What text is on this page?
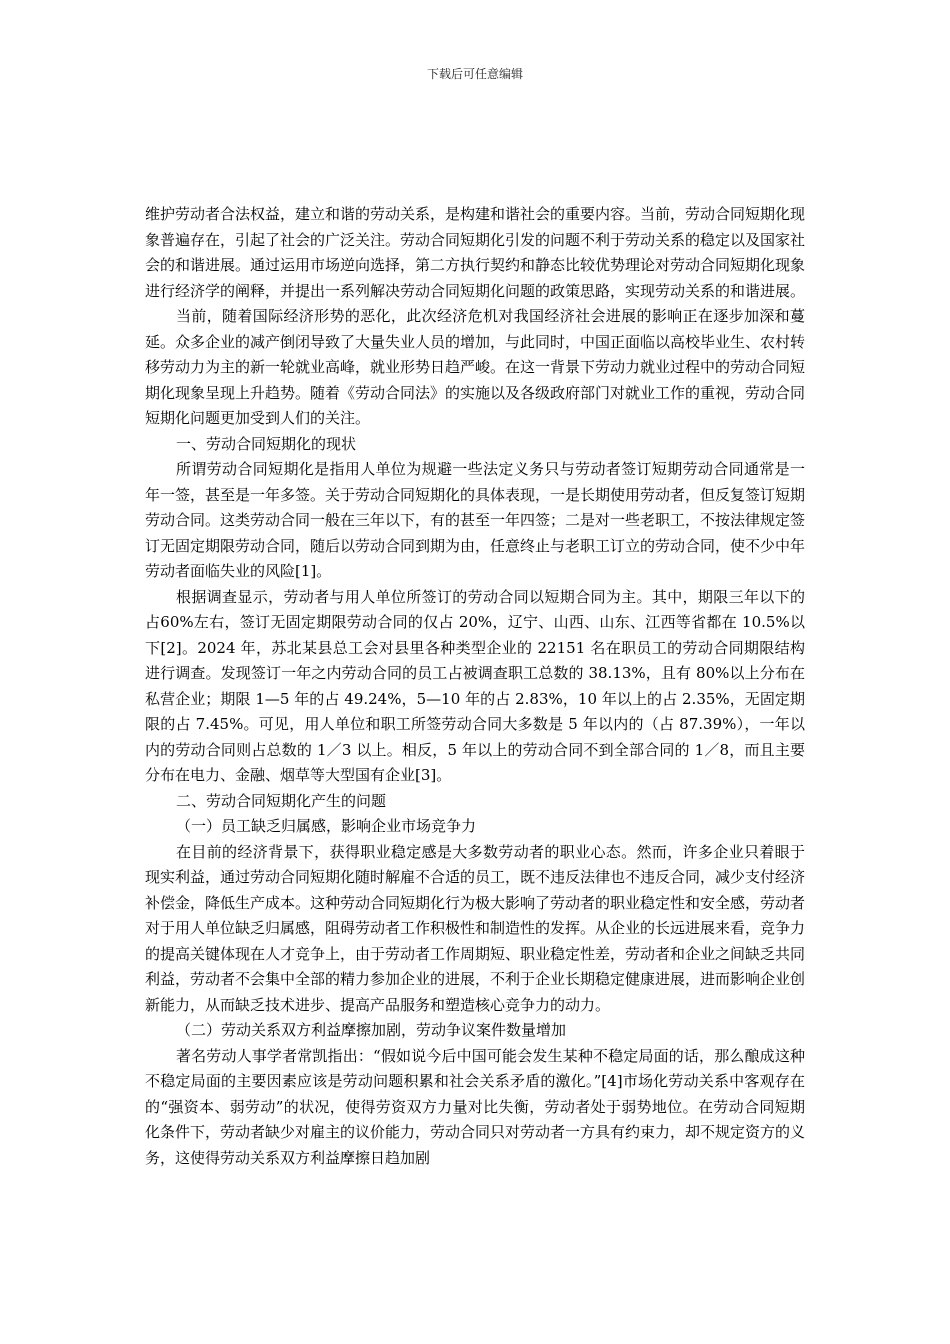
下载后可任意编辑

维护劳动者合法权益，建立和谐的劳动关系，是构建和谐社会的重要内容。当前，劳动合同短期化现象普遍存在，引起了社会的广泛关注。劳动合同短期化引发的问题不利于劳动关系的稳定以及国家社会的和谐进展。通过运用市场逆向选择，第二方执行契约和静态比较优势理论对劳动合同短期化现象进行经济学的阐释，并提出一系列解决劳动合同短期化问题的政策思路，实现劳动关系的和谐进展。

当前，随着国际经济形势的恶化，此次经济危机对我国经济社会进展的影响正在逐步加深和蔓延。众多企业的减产倒闭导致了大量失业人员的增加，与此同时，中国正面临以高校毕业生、农村转移劳动力为主的新一轮就业高峰，就业形势日趋严峻。在这一背景下劳动力就业过程中的劳动合同短期化现象呈现上升趋势。随着《劳动合同法》的实施以及各级政府部门对就业工作的重视，劳动合同短期化问题更加受到人们的关注。

一、劳动合同短期化的现状

所谓劳动合同短期化是指用人单位为规避一些法定义务只与劳动者签订短期劳动合同通常是一年一签，甚至是一年多签。关于劳动合同短期化的具体表现，一是长期使用劳动者，但反复签订短期劳动合同。这类劳动合同一般在三年以下，有的甚至一年四签；二是对一些老职工，不按法律规定签订无固定期限劳动合同，随后以劳动合同到期为由，任意终止与老职工订立的劳动合同，使不少中年劳动者面临失业的风险[1]。

根据调查显示，劳动者与用人单位所签订的劳动合同以短期合同为主。其中，期限三年以下的占60%左右，签订无固定期限劳动合同的仅占 20%，辽宁、山西、山东、江西等省都在 10.5%以下[2]。2024 年，苏北某县总工会对县里各种类型企业的 22151 名在职员工的劳动合同期限结构进行调查。发现签订一年之内劳动合同的员工占被调查职工总数的 38.13%，且有 80%以上分布在私营企业；期限 1—5 年的占 49.24%，5—10 年的占 2.83%，10 年以上的占 2.35%，无固定期限的占 7.45%。可见，用人单位和职工所签劳动合同大多数是 5 年以内的（占 87.39%），一年以内的劳动合同则占总数的 1／3 以上。相反，5 年以上的劳动合同不到全部合同的 1／8，而且主要分布在电力、金融、烟草等大型国有企业[3]。

二、劳动合同短期化产生的问题

（一）员工缺乏归属感，影响企业市场竞争力

在目前的经济背景下，获得职业稳定感是大多数劳动者的职业心态。然而，许多企业只着眼于现实利益，通过劳动合同短期化随时解雇不合适的员工，既不违反法律也不违反合同，减少支付经济补偿金，降低生产成本。这种劳动合同短期化行为极大影响了劳动者的职业稳定性和安全感，劳动者对于用人单位缺乏归属感，阻碍劳动者工作积极性和制造性的发挥。从企业的长远进展来看，竞争力的提高关键体现在人才竞争上，由于劳动者工作周期短、职业稳定性差，劳动者和企业之间缺乏共同利益，劳动者不会集中全部的精力参加企业的进展，不利于企业长期稳定健康进展，进而影响企业创新能力，从而缺乏技术进步、提高产品服务和塑造核心竞争力的动力。

（二）劳动关系双方利益摩擦加剧，劳动争议案件数量增加

著名劳动人事学者常凯指出：“假如说今后中国可能会发生某种不稳定局面的话，那么酿成这种不稳定局面的主要因素应该是劳动问题积累和社会关系矛盾的激化。”[4]市场化劳动关系中客观存在的“强资本、弱劳动”的状况，使得劳资双方力量对比失衡，劳动者处于弱势地位。在劳动合同短期化条件下，劳动者缺少对雇主的议价能力，劳动合同只对劳动者一方具有约束力，却不规定资方的义务，这使得劳动关系双方利益摩擦日趋加剧
